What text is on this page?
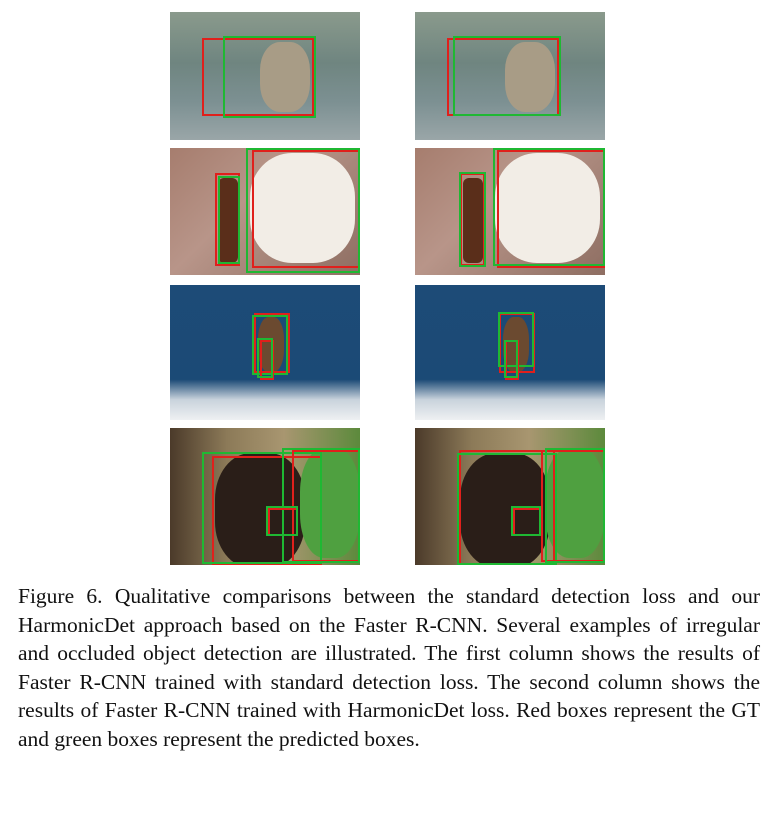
Figure 6. Qualitative comparisons between the standard detection loss and our HarmonicDet approach based on the Faster R-CNN. Several examples of irregular and occluded object detection are illustrated. The first column shows the results of Faster R-CNN trained with standard detection loss. The second column shows the results of Faster R-CNN trained with HarmonicDet loss. Red boxes represent the GT and green boxes represent the predicted boxes.
